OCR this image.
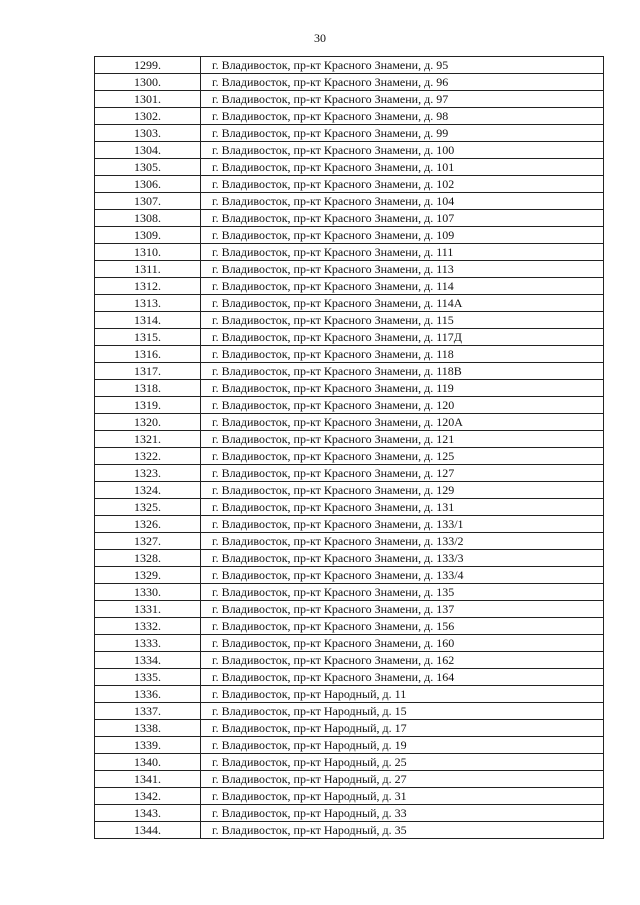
30
1299.	г. Владивосток, пр-кт Красного Знамени, д. 95
1300.	г. Владивосток, пр-кт Красного Знамени, д. 96
1301.	г. Владивосток, пр-кт Красного Знамени, д. 97
1302.	г. Владивосток, пр-кт Красного Знамени, д. 98
1303.	г. Владивосток, пр-кт Красного Знамени, д. 99
1304.	г. Владивосток, пр-кт Красного Знамени, д. 100
1305.	г. Владивосток, пр-кт Красного Знамени, д. 101
1306.	г. Владивосток, пр-кт Красного Знамени, д. 102
1307.	г. Владивосток, пр-кт Красного Знамени, д. 104
1308.	г. Владивосток, пр-кт Красного Знамени, д. 107
1309.	г. Владивосток, пр-кт Красного Знамени, д. 109
1310.	г. Владивосток, пр-кт Красного Знамени, д. 111
1311.	г. Владивосток, пр-кт Красного Знамени, д. 113
1312.	г. Владивосток, пр-кт Красного Знамени, д. 114
1313.	г. Владивосток, пр-кт Красного Знамени, д. 114А
1314.	г. Владивосток, пр-кт Красного Знамени, д. 115
1315.	г. Владивосток, пр-кт Красного Знамени, д. 117Д
1316.	г. Владивосток, пр-кт Красного Знамени, д. 118
1317.	г. Владивосток, пр-кт Красного Знамени, д. 118В
1318.	г. Владивосток, пр-кт Красного Знамени, д. 119
1319.	г. Владивосток, пр-кт Красного Знамени, д. 120
1320.	г. Владивосток, пр-кт Красного Знамени, д. 120А
1321.	г. Владивосток, пр-кт Красного Знамени, д. 121
1322.	г. Владивосток, пр-кт Красного Знамени, д. 125
1323.	г. Владивосток, пр-кт Красного Знамени, д. 127
1324.	г. Владивосток, пр-кт Красного Знамени, д. 129
1325.	г. Владивосток, пр-кт Красного Знамени, д. 131
1326.	г. Владивосток, пр-кт Красного Знамени, д. 133/1
1327.	г. Владивосток, пр-кт Красного Знамени, д. 133/2
1328.	г. Владивосток, пр-кт Красного Знамени, д. 133/3
1329.	г. Владивосток, пр-кт Красного Знамени, д. 133/4
1330.	г. Владивосток, пр-кт Красного Знамени, д. 135
1331.	г. Владивосток, пр-кт Красного Знамени, д. 137
1332.	г. Владивосток, пр-кт Красного Знамени, д. 156
1333.	г. Владивосток, пр-кт Красного Знамени, д. 160
1334.	г. Владивосток, пр-кт Красного Знамени, д. 162
1335.	г. Владивосток, пр-кт Красного Знамени, д. 164
1336.	г. Владивосток, пр-кт Народный, д. 11
1337.	г. Владивосток, пр-кт Народный, д. 15
1338.	г. Владивосток, пр-кт Народный, д. 17
1339.	г. Владивосток, пр-кт Народный, д. 19
1340.	г. Владивосток, пр-кт Народный, д. 25
1341.	г. Владивосток, пр-кт Народный, д. 27
1342.	г. Владивосток, пр-кт Народный, д. 31
1343.	г. Владивосток, пр-кт Народный, д. 33
1344.	г. Владивосток, пр-кт Народный, д. 35
